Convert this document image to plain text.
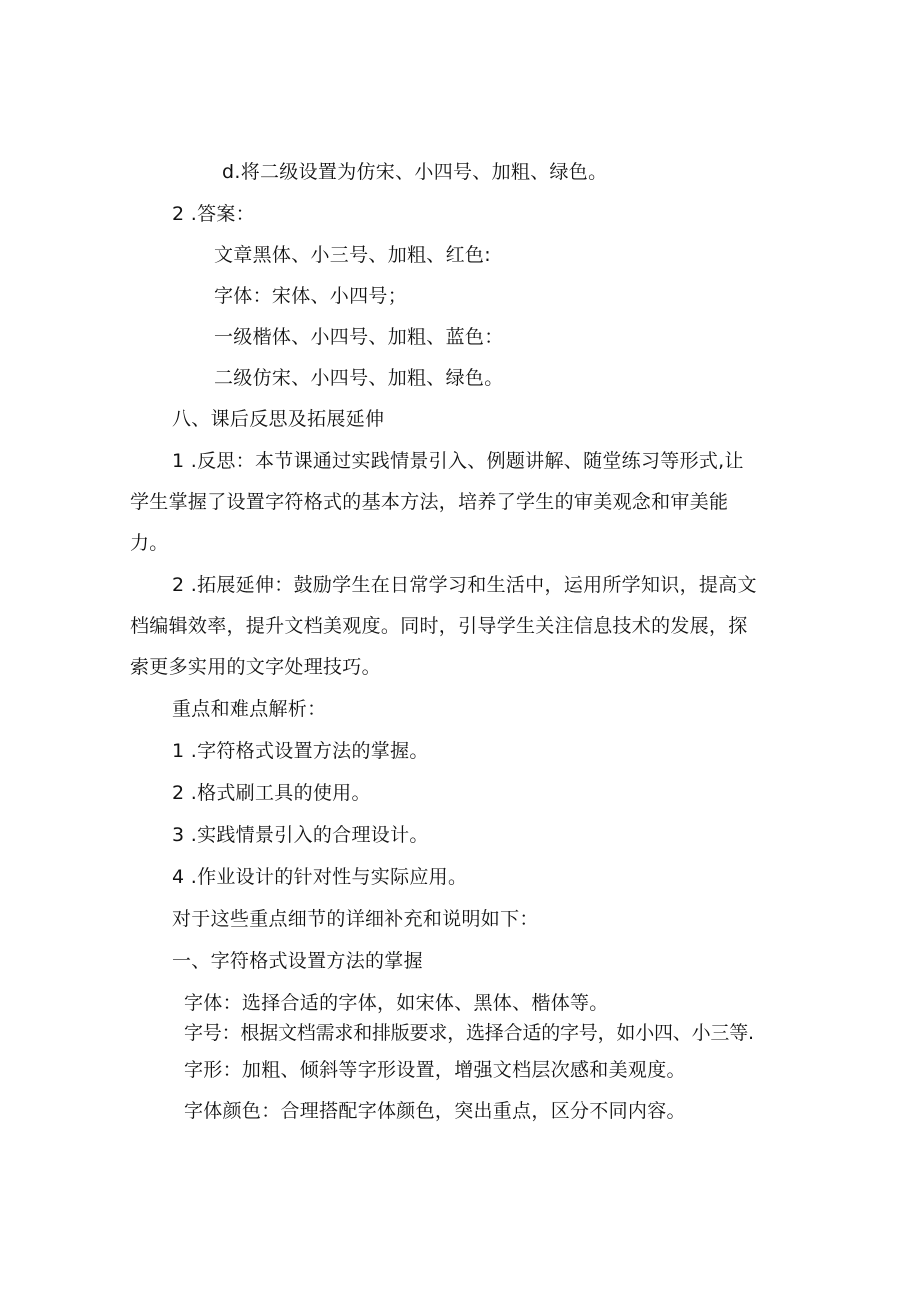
d.将二级设置为仿宋、小四号、加粗、绿色。
2 .答案：
文章黑体、小三号、加粗、红色:
字体：宋体、小四号；
一级楷体、小四号、加粗、蓝色：
二级仿宋、小四号、加粗、绿色。
八、课后反思及拓展延伸
1 .反思：本节课通过实践情景引入、例题讲解、随堂练习等形式,让
学生掌握了设置字符格式的基本方法，培养了学生的审美观念和审美能
力。
2 .拓展延伸：鼓励学生在日常学习和生活中，运用所学知识，提高文
档编辑效率，提升文档美观度。同时，引导学生关注信息技术的发展，探
索更多实用的文字处理技巧。
重点和难点解析：
1 .字符格式设置方法的掌握。
2 .格式刷工具的使用。
3 .实践情景引入的合理设计。
4 .作业设计的针对性与实际应用。
对于这些重点细节的详细补充和说明如下：
一、字符格式设置方法的掌握
字体：选择合适的字体，如宋体、黑体、楷体等。
字号：根据文档需求和排版要求，选择合适的字号，如小四、小三等.
字形：加粗、倾斜等字形设置，增强文档层次感和美观度。
字体颜色：合理搭配字体颜色，突出重点，区分不同内容。
